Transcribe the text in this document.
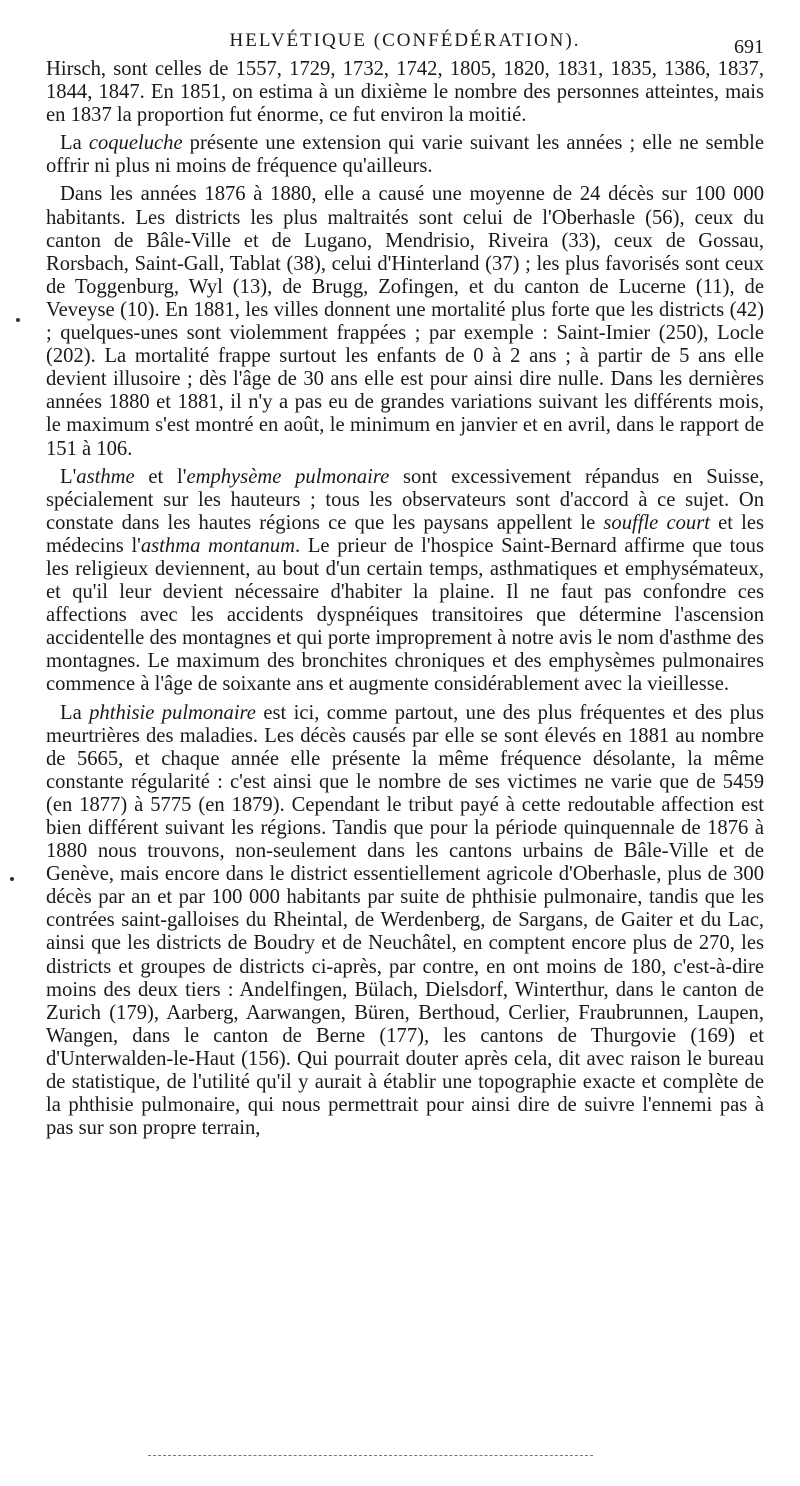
HELVÉTIQUE (CONFÉDÉRATION).	691

Hirsch, sont celles de 1557, 1729, 1732, 1742, 1805, 1820, 1831, 1835, 1386, 1837, 1844, 1847. En 1851, on estima à un dixième le nombre des personnes atteintes, mais en 1837 la proportion fut énorme, ce fut environ la moitié.

La coqueluche présente une extension qui varie suivant les années ; elle ne semble offrir ni plus ni moins de fréquence qu'ailleurs.

Dans les années 1876 à 1880, elle a causé une moyenne de 24 décès sur 100 000 habitants. Les districts les plus maltraités sont celui de l'Oberhasle (56), ceux du canton de Bâle-Ville et de Lugano, Mendrisio, Riveira (33), ceux de Gossau, Rorsbach, Saint-Gall, Tablat (38), celui d'Hinterland (37) ; les plus favorisés sont ceux de Toggenburg, Wyl (13), de Brugg, Zofingen, et du canton de Lucerne (11), de Veveyse (10). En 1881, les villes donnent une mortalité plus forte que les districts (42) ; quelques-unes sont violemment frappées ; par exemple : Saint-Imier (250), Locle (202). La mortalité frappe surtout les enfants de 0 à 2 ans ; à partir de 5 ans elle devient illusoire ; dès l'âge de 30 ans elle est pour ainsi dire nulle. Dans les dernières années 1880 et 1881, il n'y a pas eu de grandes variations suivant les différents mois, le maximum s'est montré en août, le minimum en janvier et en avril, dans le rapport de 151 à 106.

L'asthme et l'emphysème pulmonaire sont excessivement répandus en Suisse, spécialement sur les hauteurs ; tous les observateurs sont d'accord à ce sujet. On constate dans les hautes régions ce que les paysans appellent le souffle court et les médecins l'asthma montanum. Le prieur de l'hospice Saint-Bernard affirme que tous les religieux deviennent, au bout d'un certain temps, asthmatiques et emphysémateux, et qu'il leur devient nécessaire d'habiter la plaine. Il ne faut pas confondre ces affections avec les accidents dyspnéiques transitoires que détermine l'ascension accidentelle des montagnes et qui porte improprement à notre avis le nom d'asthme des montagnes. Le maximum des bronchites chroniques et des emphysèmes pulmonaires commence à l'âge de soixante ans et augmente considérablement avec la vieillesse.

La phthisie pulmonaire est ici, comme partout, une des plus fréquentes et des plus meurtrières des maladies. Les décès causés par elle se sont élevés en 1881 au nombre de 5665, et chaque année elle présente la même fréquence désolante, la même constante régularité : c'est ainsi que le nombre de ses victimes ne varie que de 5459 (en 1877) à 5775 (en 1879). Cependant le tribut payé à cette redoutable affection est bien différent suivant les régions. Tandis que pour la période quinquennale de 1876 à 1880 nous trouvons, non-seulement dans les cantons urbains de Bâle-Ville et de Genève, mais encore dans le district essentiellement agricole d'Oberhasle, plus de 300 décès par an et par 100 000 habitants par suite de phthisie pulmonaire, tandis que les contrées saint-galloises du Rheintal, de Werdenberg, de Sargans, de Gaiter et du Lac, ainsi que les districts de Boudry et de Neuchâtel, en comptent encore plus de 270, les districts et groupes de districts ci-après, par contre, en ont moins de 180, c'est-à-dire moins des deux tiers : Andelfingen, Bülach, Dielsdorf, Winterthur, dans le canton de Zurich (179), Aarberg, Aarwangen, Büren, Berthoud, Cerlier, Fraubrunnen, Laupen, Wangen, dans le canton de Berne (177), les cantons de Thurgovie (169) et d'Unterwalden-le-Haut (156). Qui pourrait douter après cela, dit avec raison le bureau de statistique, de l'utilité qu'il y aurait à établir une topographie exacte et complète de la phthisie pulmonaire, qui nous permettrait pour ainsi dire de suivre l'ennemi pas à pas sur son propre terrain,
